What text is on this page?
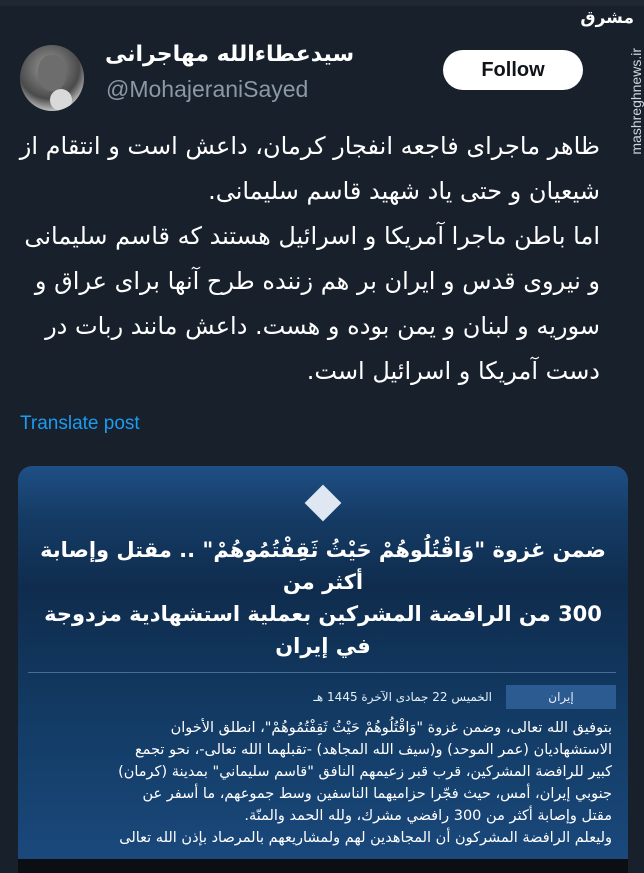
سیدعطاءالله مهاجرانی
@MohajeraniSayed
Follow
مشرق
mashreghnews.ir
ظاهر ماجرای فاجعه انفجار کرمان، داعش است و انتقام از
شیعیان و حتی یاد شهید قاسم سلیمانی.
اما باطن ماجرا آمریکا و اسرائیل هستند که قاسم سلیمانی
و نیروی قدس و ایران بر هم زننده طرح آنها برای عراق و
سوریه و لبنان و یمن بوده و هست. داعش مانند ربات در
دست آمریکا و اسرائیل است.
Translate post
ضمن غزوة "وَاقْتُلُوهُمْ حَيْثُ ثَقِفْتُمُوهُمْ" .. مقتل وإصابة أكثر من
300 من الرافضة المشركين بعملية استشهادية مزدوجة في إيران
إيران
الخميس 22 جمادى الآخرة 1445 هـ
بتوفيق الله تعالى، وضمن غزوة "وَاقْتُلُوهُمْ حَيْثُ ثَقِفْتُمُوهُمْ"، انطلق الأخوان
الاستشهاديان (عمر الموحد) و(سيف الله المجاهد) -تقبلهما الله تعالى-، نحو تجمع
كبير للرافضة المشركين، قرب قبر زعيمهم النافق "قاسم سليماني" بمدينة (كرمان)
جنوبي إيران، أمس، حيث فجّرا حزاميهما الناسفين وسط جموعهم، ما أسفر عن
مقتل وإصابة أكثر من 300 رافضي مشرك، ولله الحمد والمنّة.
وليعلم الرافضة المشركون أن المجاهدين لهم ولمشاريعهم بالمرصاد بإذن الله تعالى
